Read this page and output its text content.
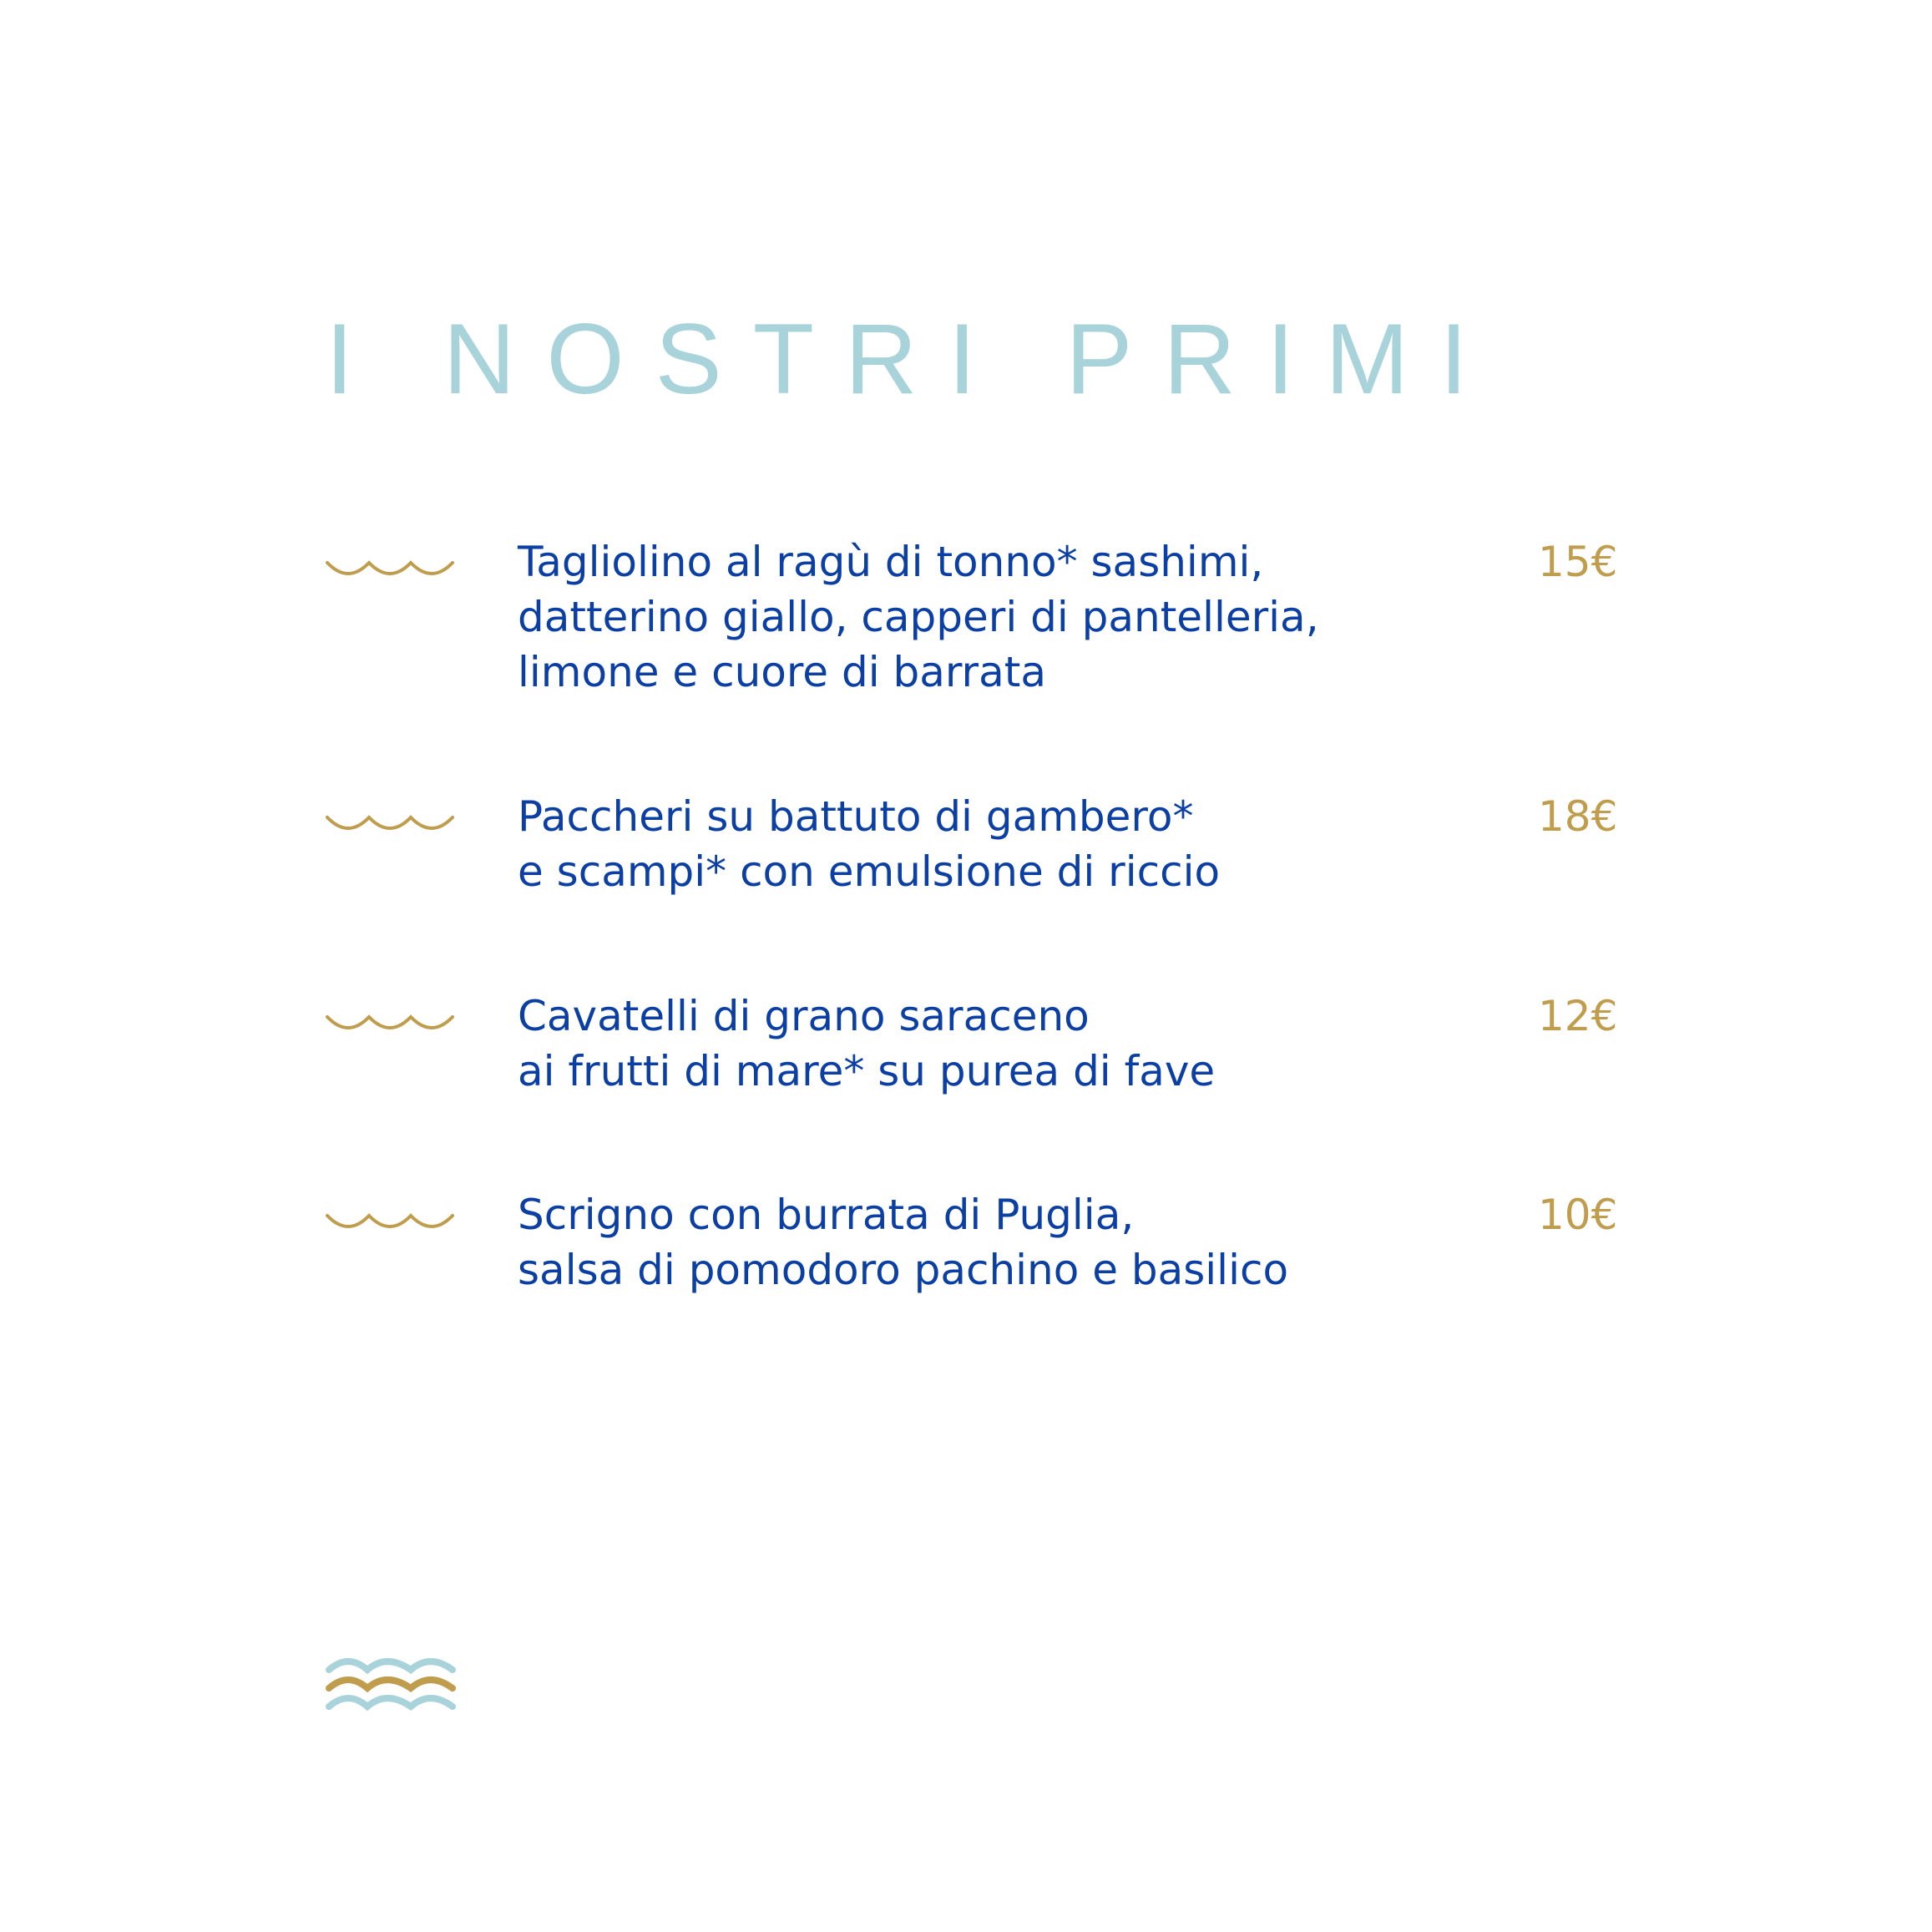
I NOSTRI PRIMI

Tagliolino al ragù di tonno* sashimi,
datterino giallo, capperi di pantelleria,
limone e cuore di barrata

15€

Paccheri su battuto di gambero*
e scampi* con emulsione di riccio

18€

Cavatelli di grano saraceno
ai frutti di mare* su purea di fave

12€

Scrigno con burrata di Puglia,
salsa di pomodoro pachino e basilico

10€
